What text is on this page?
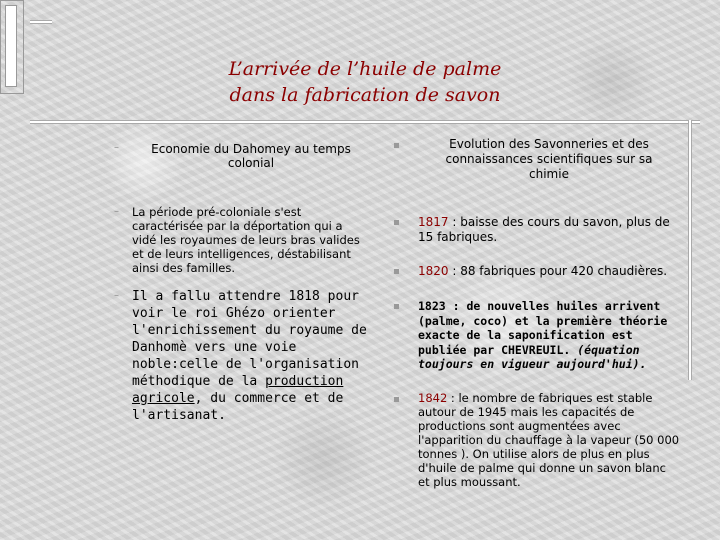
L’arrivée de l’huile de palme
dans la fabrication de savon
–	Economie du Dahomey au temps
colonial
– La période pré-coloniale s'est caractérisée par la déportation qui a vidé les royaumes de leurs bras valides et de leurs intelligences, déstabilisant ainsi des familles.
– Il a fallu attendre 1818 pour voir le roi Ghézo orienter l'enrichissement du royaume de Danhomè vers une voie noble:celle de l'organisation méthodique de la production agricole, du commerce et de l'artisanat.
Evolution des Savonneries et des connaissances scientifiques sur sa chimie
1817 : baisse des cours du savon, plus de 15 fabriques.
1820 : 88 fabriques pour 420 chaudières.
1823 : de nouvelles huiles arrivent (palme, coco) et la première théorie exacte de la saponification est publiée par CHEVREUIL. (équation toujours en vigueur aujourd'hui).
1842 : le nombre de fabriques est stable autour de 1945 mais les capacités de productions sont augmentées avec l'apparition du chauffage à la vapeur (50 000 tonnes ). On utilise alors de plus en plus d'huile de palme qui donne un savon blanc et plus moussant.
